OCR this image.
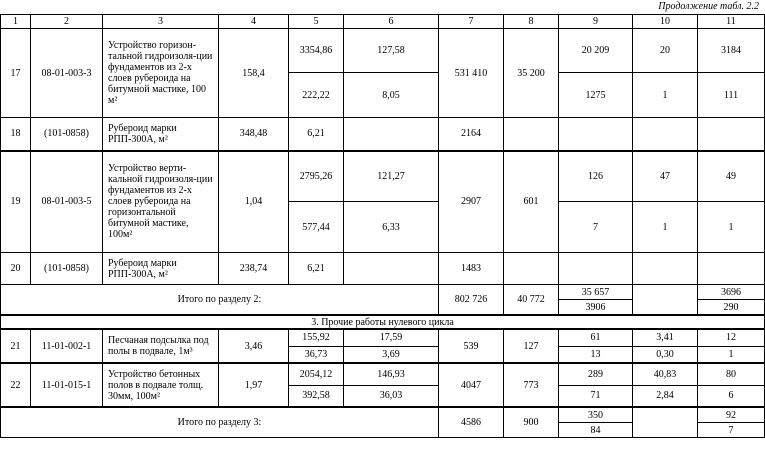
Продолжение табл. 2.2
1	2	3	4	5	6	7	8	9	10	11
17	08-01-003-3	Устройство горизон-тальной гидроизоля-ции фундаментов из 2-х слоев рубероида на битумной мастике, 100 м²	158,4	3354,86	127,58	531 410	35 200	20 209	20	3184
				222,22	8,05			1275	1	111
18	(101-0858)	Рубероид марки РПП-300А, м²	348,48	6,21		2164				
19	08-01-003-5	Устройство верти-кальной гидроизоля-ции фундаментов из 2-х слоев рубероида на горизонтальной битумной мастике, 100м²	1,04	2795,26	121,27	2907	601	126	47	49
				577,44	6,33			7	1	1
20	(101-0858)	Рубероид марки РПП-300А, м²	238,74	6,21		1483				
Итого по разделу 2:						802 726	40 772	35 657		3696
								3906		290
3. Прочие работы нулевого цикла										
21	11-01-002-1	Песчаная подсылка под полы в подвале, 1м³	3,46	155,92	17,59	539	127	61	3,41	12
				36,73	3,69			13	0,30	1
22	11-01-015-1	Устройство бетонных полов в подвале толщ. 30мм, 100м²	1,97	2054,12	146,93	4047	773	289	40,83	80
				392,58	36,03			71	2,84	6
Итого по разделу 3:						4586	900	350		92
								84		7
